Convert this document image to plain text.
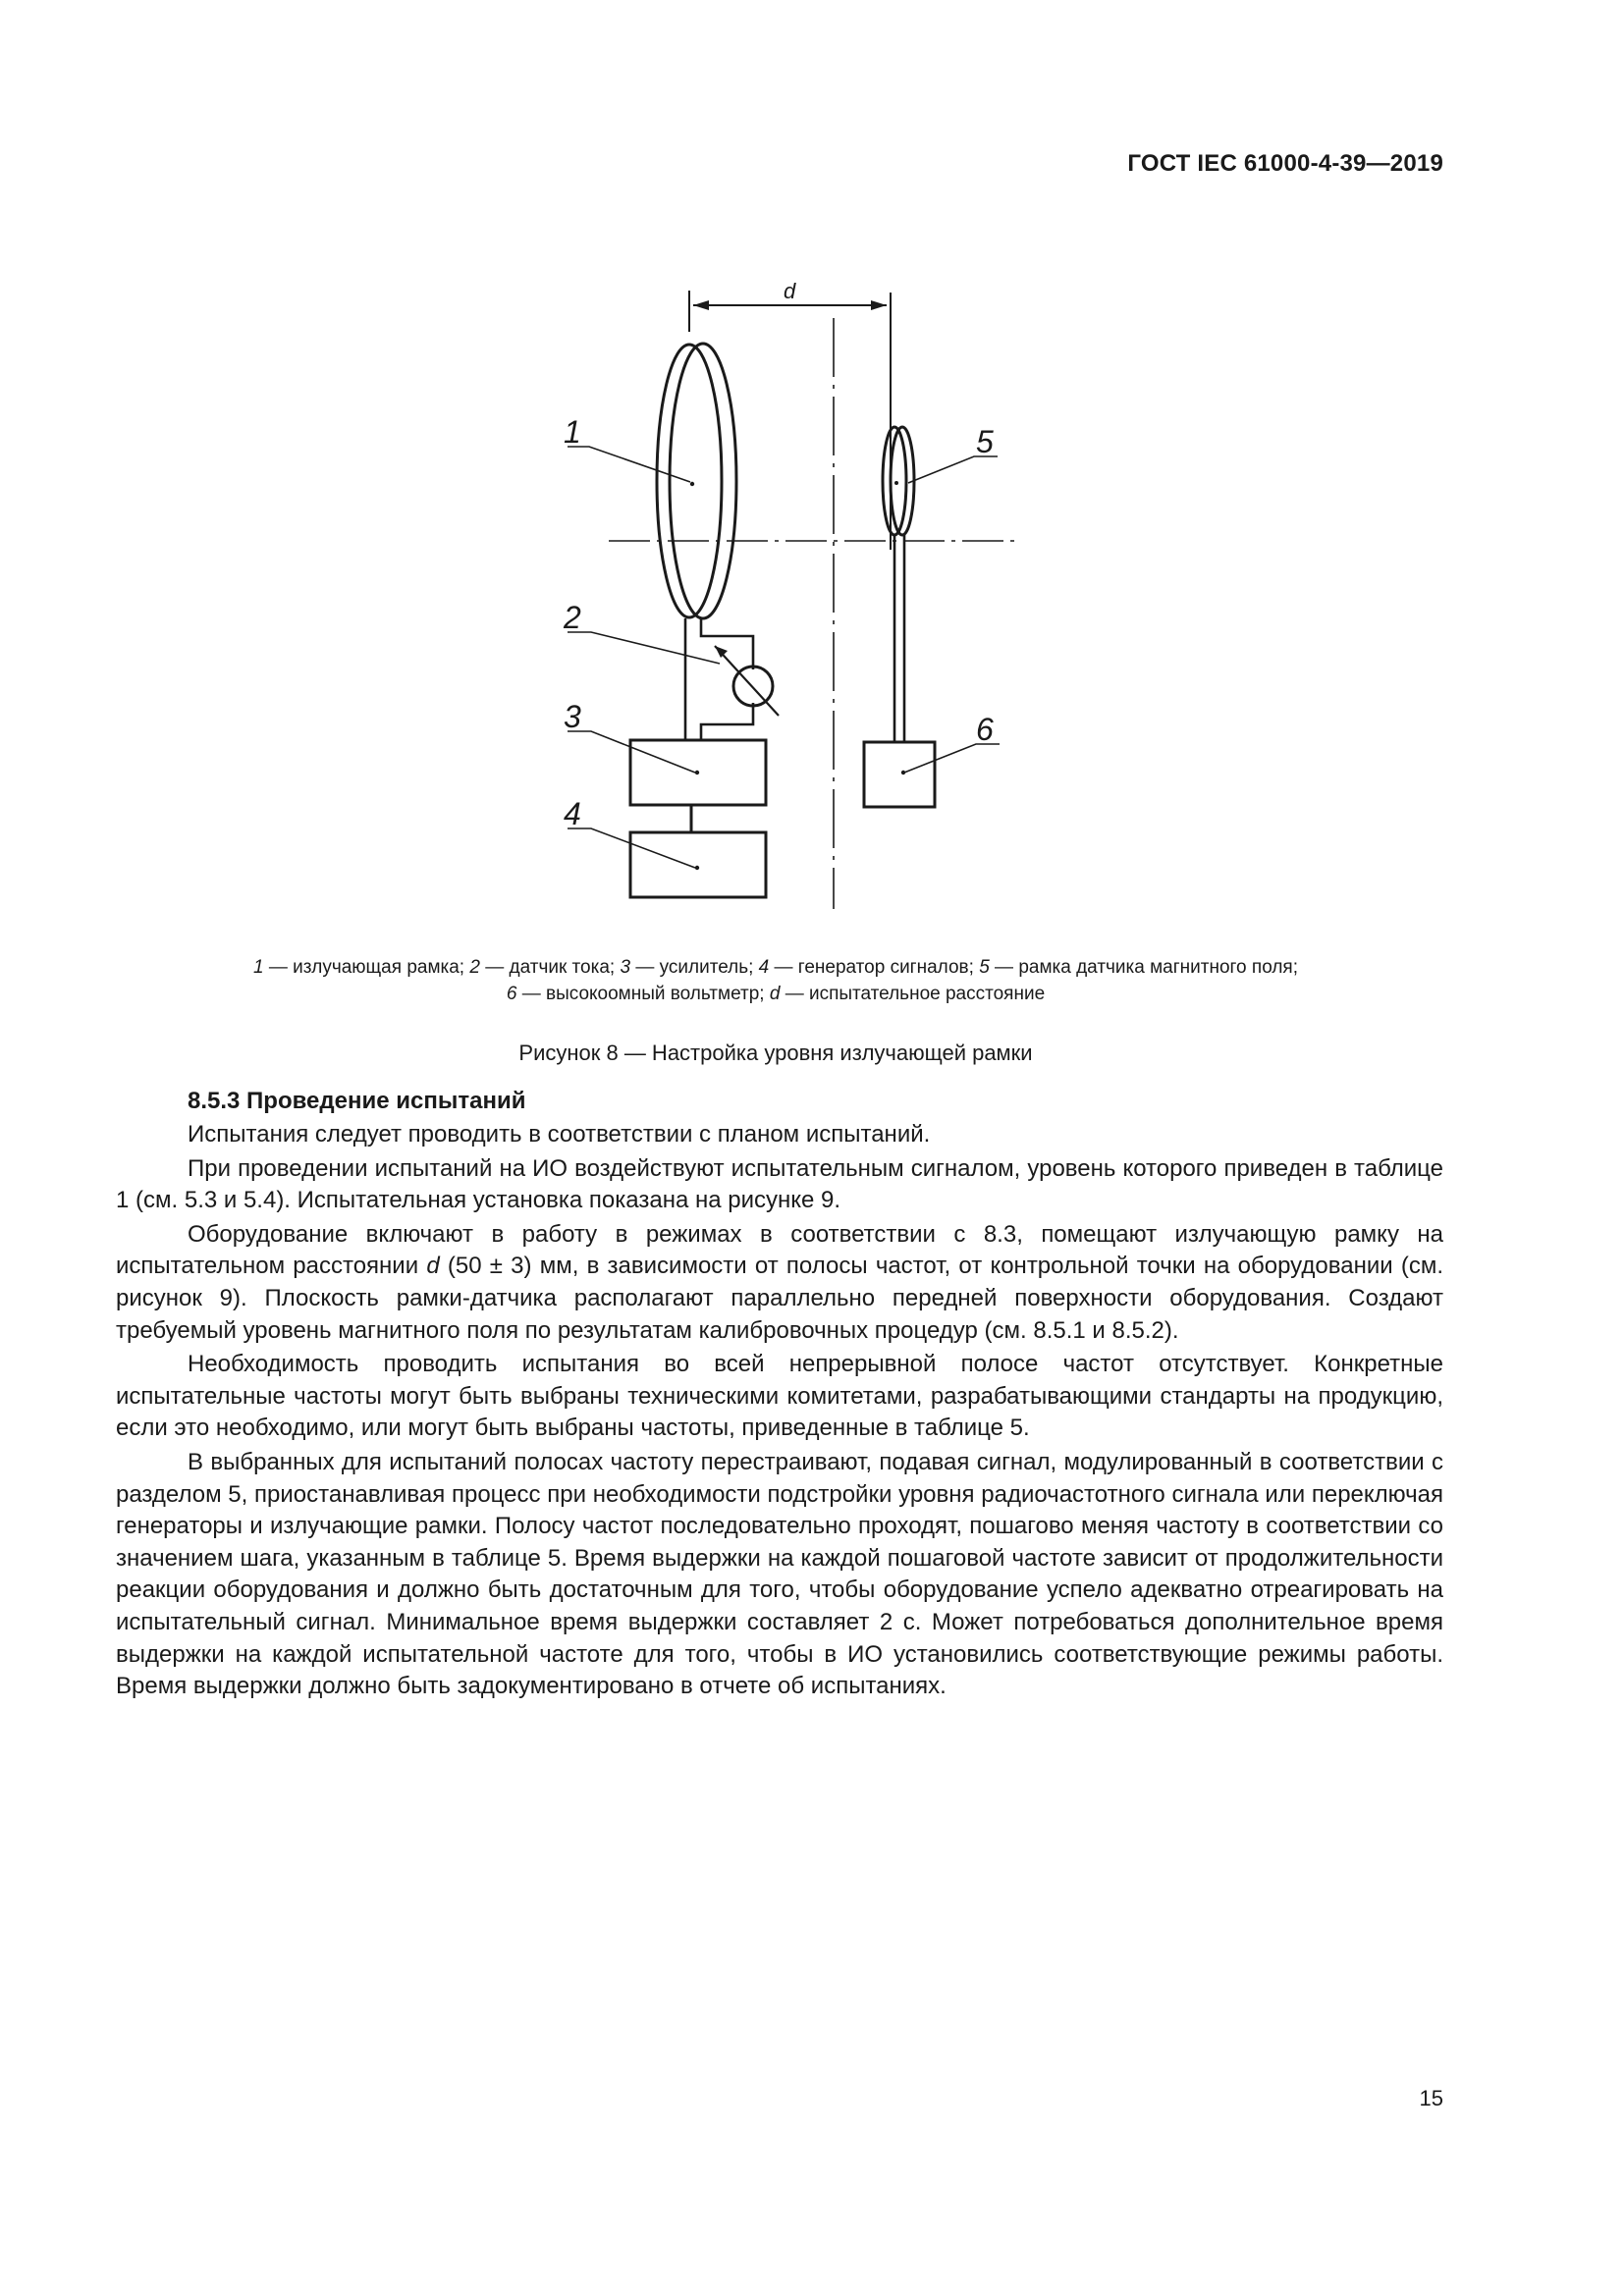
ГОСТ IEC 61000-4-39—2019
d
1
2
3
4
5
6
1 — излучающая рамка; 2 — датчик тока; 3 — усилитель; 4 — генератор сигналов; 5 — рамка датчика магнитного поля;
6 — высокоомный вольтметр; d — испытательное расстояние
Рисунок 8 — Настройка уровня излучающей рамки
8.5.3 Проведение испытаний

Испытания следует проводить в соответствии с планом испытаний.

При проведении испытаний на ИО воздействуют испытательным сигналом, уровень которого приведен в таблице 1 (см. 5.3 и 5.4). Испытательная установка показана на рисунке 9.

Оборудование включают в работу в режимах в соответствии с 8.3, помещают излучающую рамку на испытательном расстоянии d (50 ± 3) мм, в зависимости от полосы частот, от контрольной точки на оборудовании (см. рисунок 9). Плоскость рамки-датчика располагают параллельно передней поверхности оборудования. Создают требуемый уровень магнитного поля по результатам калибровочных процедур (см. 8.5.1 и 8.5.2).

Необходимость проводить испытания во всей непрерывной полосе частот отсутствует. Конкретные испытательные частоты могут быть выбраны техническими комитетами, разрабатывающими стандарты на продукцию, если это необходимо, или могут быть выбраны частоты, приведенные в таблице 5.

В выбранных для испытаний полосах частоту перестраивают, подавая сигнал, модулированный в соответствии с разделом 5, приостанавливая процесс при необходимости подстройки уровня радиочастотного сигнала или переключая генераторы и излучающие рамки. Полосу частот последовательно проходят, пошагово меняя частоту в соответствии со значением шага, указанным в таблице 5. Время выдержки на каждой пошаговой частоте зависит от продолжительности реакции оборудования и должно быть достаточным для того, чтобы оборудование успело адекватно отреагировать на испытательный сигнал. Минимальное время выдержки составляет 2 с. Может потребоваться дополнительное время выдержки на каждой испытательной частоте для того, чтобы в ИО установились соответствующие режимы работы. Время выдержки должно быть задокументировано в отчете об испытаниях.

15
